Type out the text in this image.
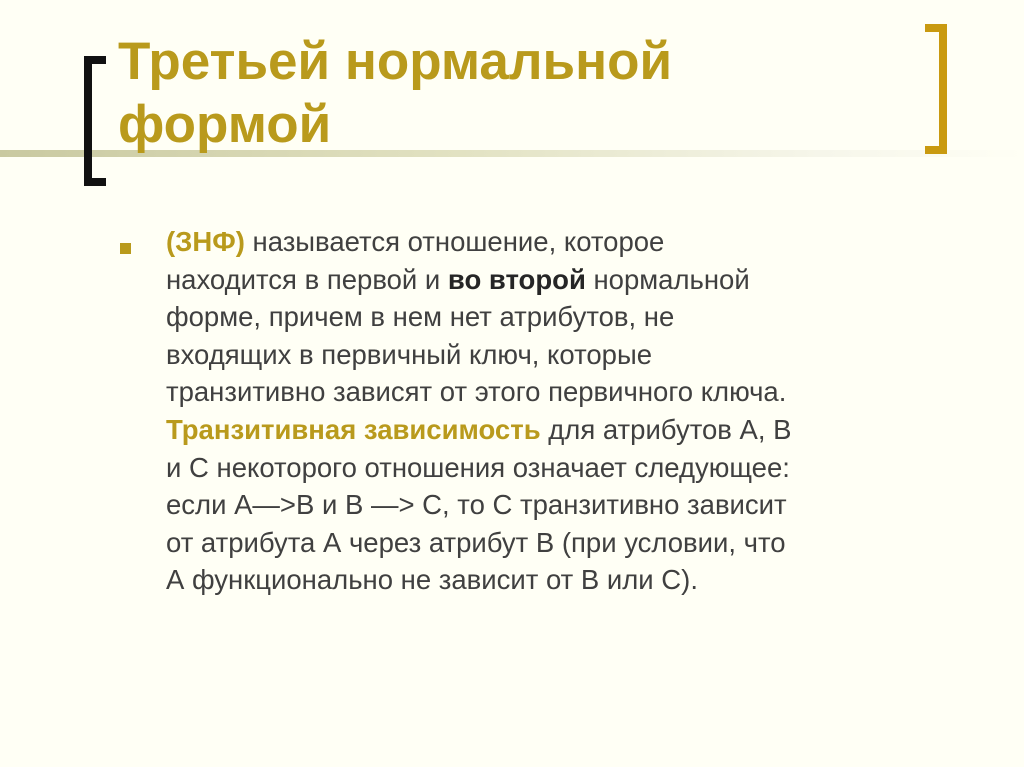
Третьей нормальной
формой

(ЗНФ) называется отношение, которое
находится в первой и во второй нормальной
форме, причем в нем нет атрибутов, не
входящих в первичный ключ, которые
транзитивно зависят от этого первичного ключа.
Транзитивная зависимость для атрибутов А, В
и С некоторого отношения означает следующее:
если А—>В и В —> С, то С транзитивно зависит
от атрибута А через атрибут В (при условии, что
А функционально не зависит от В или С).
